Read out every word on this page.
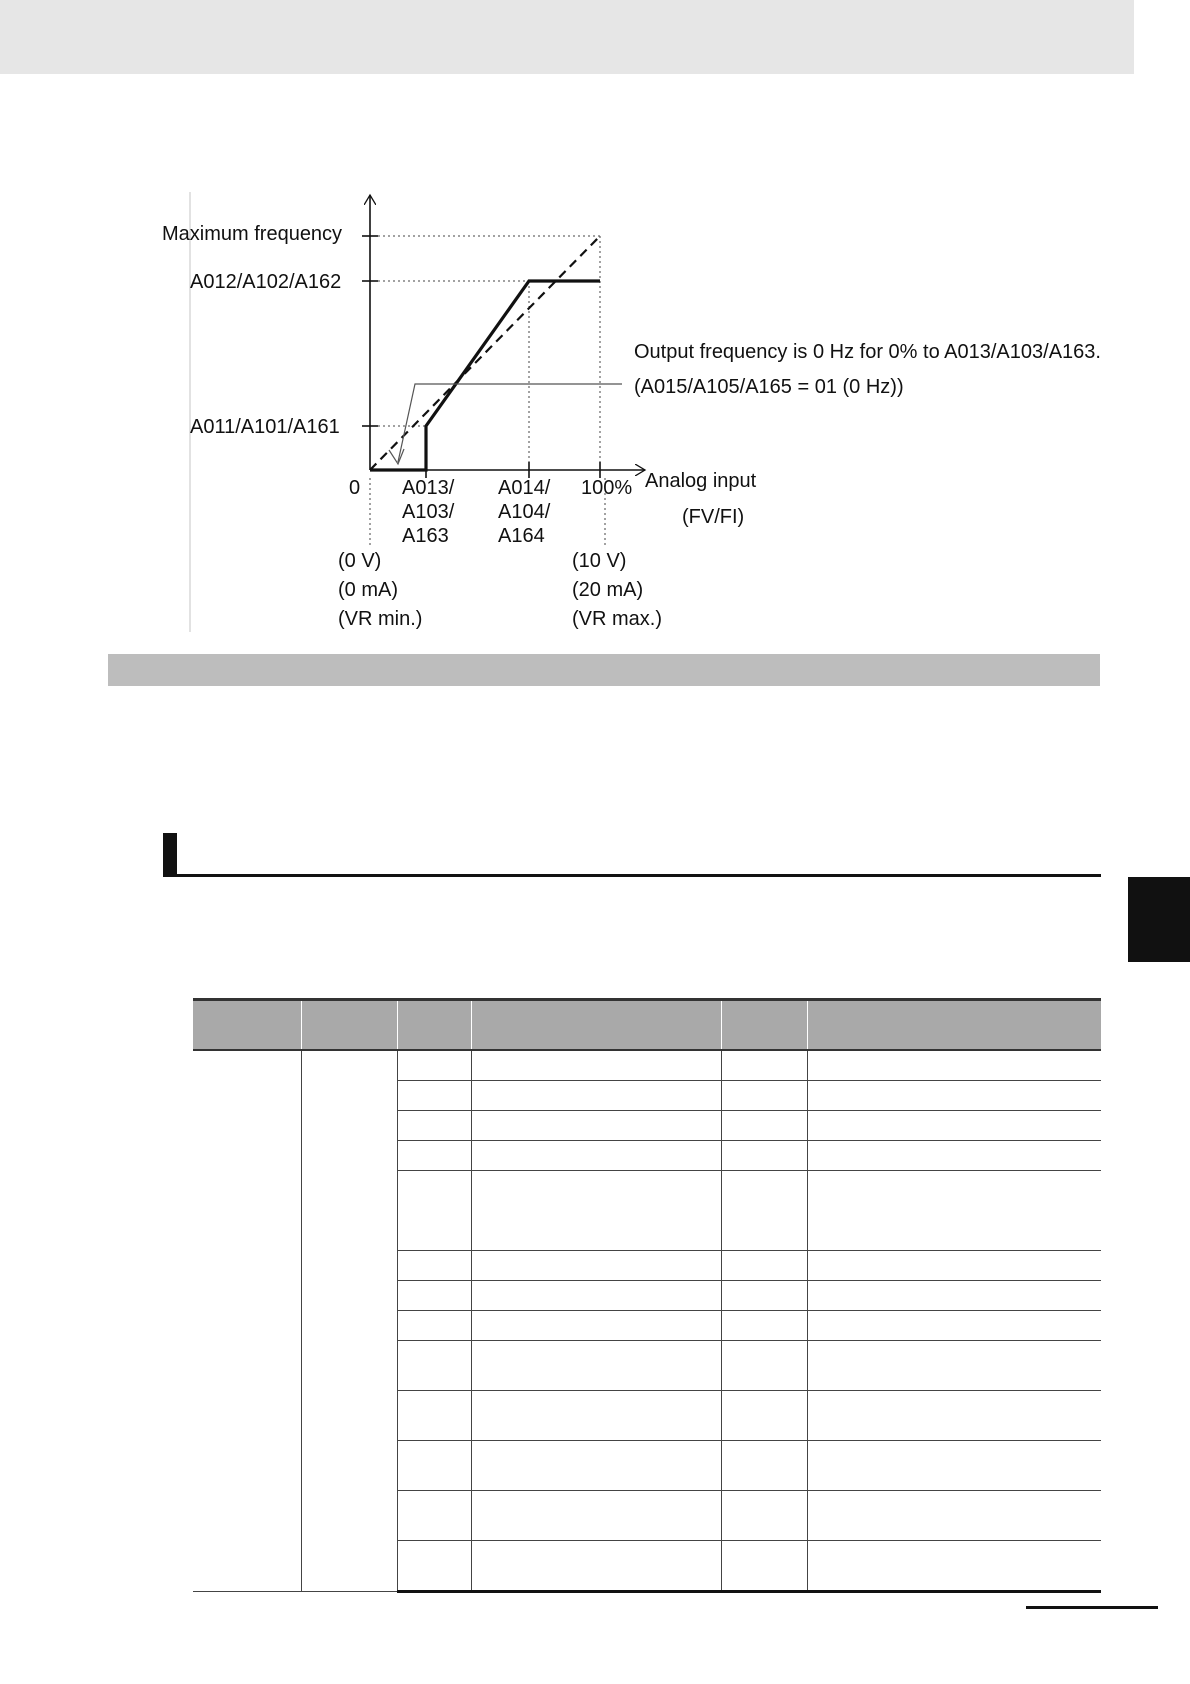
Maximum frequency
A012/A102/A162
A011/A101/A161
0 A013/
A103/
A163
A014/
A104/
A164
100% Analog input
(FV/FI)
(0 V)
(0 mA)
(VR min.)
(10 V)
(20 mA)
(VR max.)
Output frequency is 0 Hz for 0% to A013/A103/A163.
(A015/A105/A165 = 01 (0 Hz))
